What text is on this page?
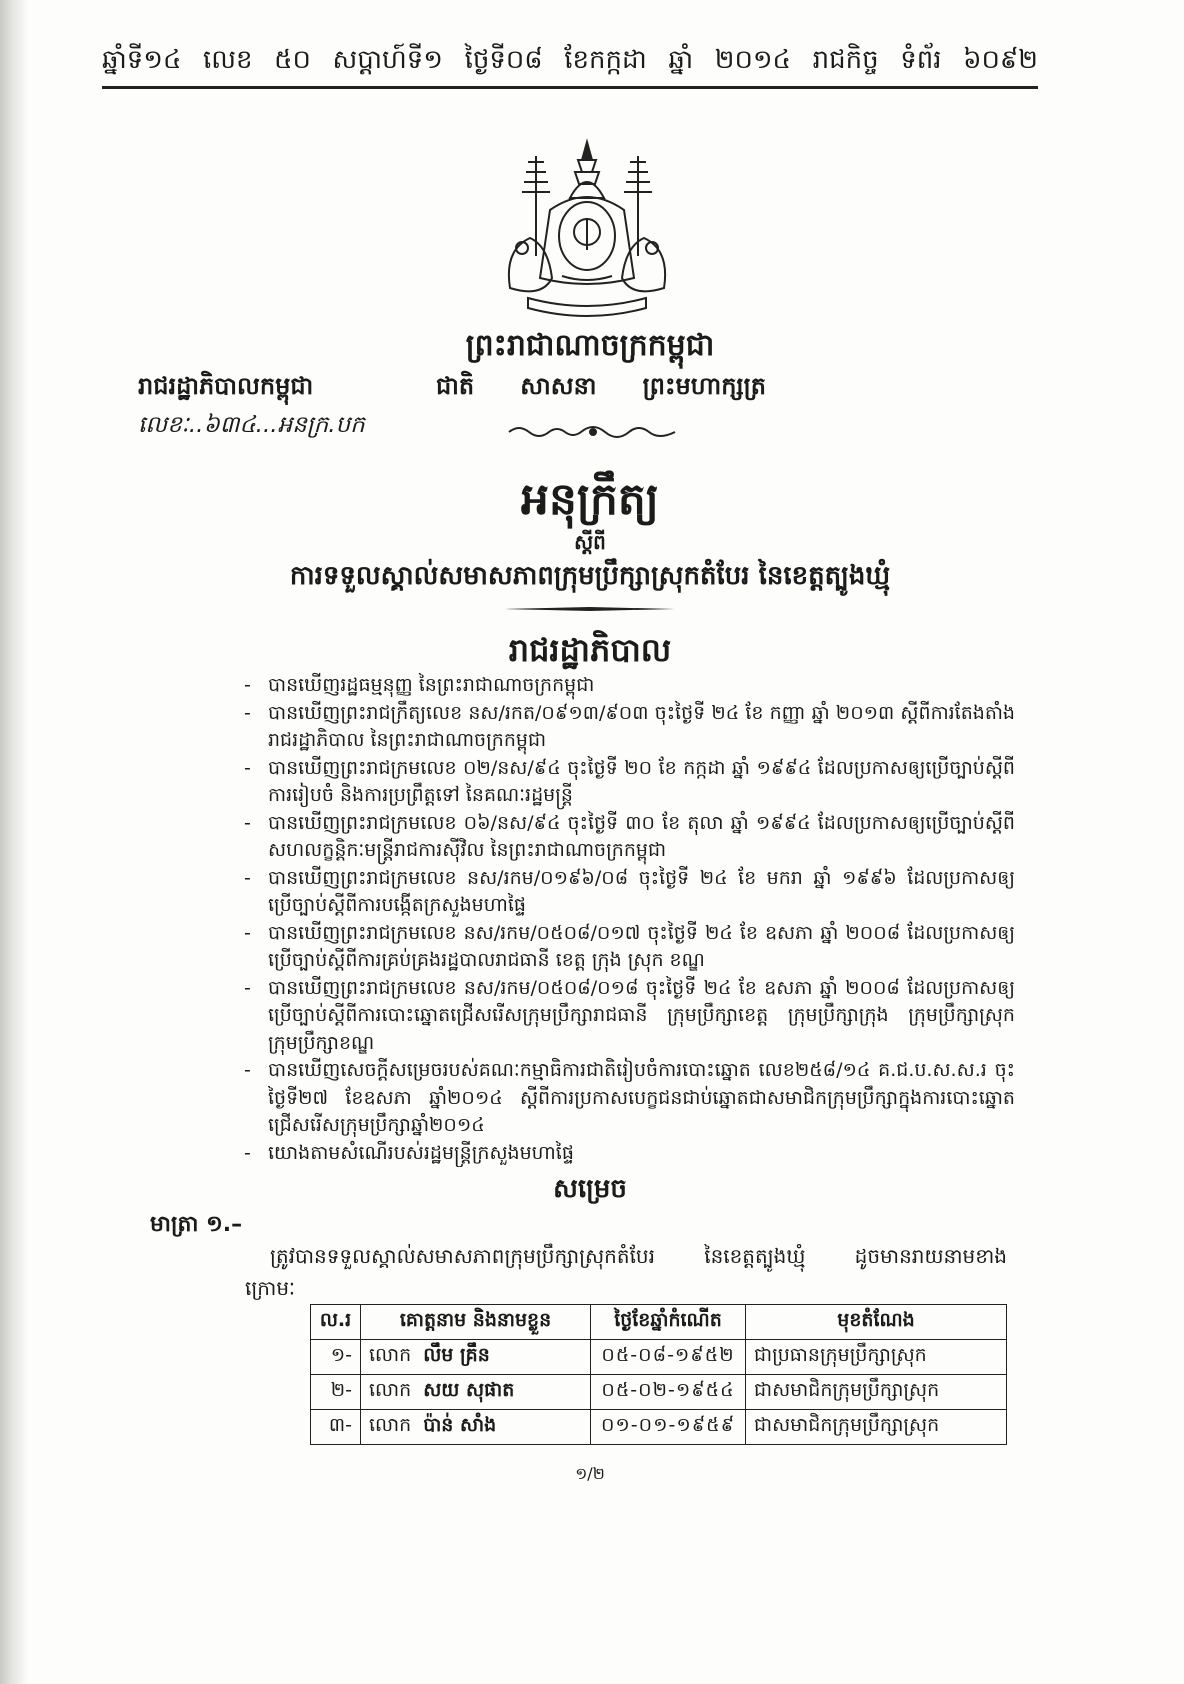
ឆ្នាំទី១៤ លេខ ៥០ សប្ដាហ៍ទី១ ថ្ងៃទី០៨ ខែកក្កដា ឆ្នាំ ២០១៤ រាជកិច្ច ទំព័រ ៦០៩២
ព្រះរាជាណាចក្រកម្ពុជា
រាជរដ្ឋាភិបាលកម្ពុជា	ជាតិ សាសនា ព្រះមហាក្សត្រ
លេខៈ..៦៣៤...អនក្រ.បក
អនុក្រឹត្យ
ស្ដីពី
ការទទួលស្គាល់សមាសភាពក្រុមប្រឹក្សាស្រុកតំបែរ នៃខេត្តត្បូងឃ្មុំ
រាជរដ្ឋាភិបាល
- បានឃើញរដ្ឋធម្មនុញ្ញ នៃព្រះរាជាណាចក្រកម្ពុជា
- បានឃើញព្រះរាជក្រឹត្យលេខ នស/រកត/០៩១៣/៩០៣ ចុះថ្ងៃទី ២៤ ខែ កញ្ញា ឆ្នាំ ២០១៣ ស្ដីពីការតែងតាំង
រាជរដ្ឋាភិបាល នៃព្រះរាជាណាចក្រកម្ពុជា
- បានឃើញព្រះរាជក្រមលេខ ០២/នស/៩៤ ចុះថ្ងៃទី ២០ ខែ កក្កដា ឆ្នាំ ១៩៩៤ ដែលប្រកាសឲ្យប្រើច្បាប់ស្ដីពី
ការរៀបចំ និងការប្រព្រឹត្តទៅ នៃគណៈរដ្ឋមន្ត្រី
- បានឃើញព្រះរាជក្រមលេខ ០៦/នស/៩៤ ចុះថ្ងៃទី ៣០ ខែ តុលា ឆ្នាំ ១៩៩៤ ដែលប្រកាសឲ្យប្រើច្បាប់ស្ដីពី
សហលក្ខន្តិកៈមន្ត្រីរាជការស៊ីវិល នៃព្រះរាជាណាចក្រកម្ពុជា
- បានឃើញព្រះរាជក្រមលេខ នស/រកម/០១៩៦/០៨ ចុះថ្ងៃទី ២៤ ខែ មករា ឆ្នាំ ១៩៩៦ ដែលប្រកាសឲ្យ
ប្រើច្បាប់ស្ដីពីការបង្កើតក្រសួងមហាផ្ទៃ
- បានឃើញព្រះរាជក្រមលេខ នស/រកម/០៥០៨/០១៧ ចុះថ្ងៃទី ២៤ ខែ ឧសភា ឆ្នាំ ២០០៨ ដែលប្រកាសឲ្យ
ប្រើច្បាប់ស្ដីពីការគ្រប់គ្រងរដ្ឋបាលរាជធានី ខេត្ត ក្រុង ស្រុក ខណ្ឌ
- បានឃើញព្រះរាជក្រមលេខ នស/រកម/០៥០៨/០១៨ ចុះថ្ងៃទី ២៤ ខែ ឧសភា ឆ្នាំ ២០០៨ ដែលប្រកាសឲ្យ
ប្រើច្បាប់ស្ដីពីការបោះឆ្នោតជ្រើសរើសក្រុមប្រឹក្សារាជធានី ក្រុមប្រឹក្សាខេត្ត ក្រុមប្រឹក្សាក្រុង ក្រុមប្រឹក្សាស្រុក
ក្រុមប្រឹក្សាខណ្ឌ
- បានឃើញសេចក្ដីសម្រេចរបស់គណៈកម្មាធិការជាតិរៀបចំការបោះឆ្នោត លេខ២៥៨/១៤ គ.ជ.ប.ស.ស.រ ចុះ
ថ្ងៃទី២៧ ខែឧសភា ឆ្នាំ២០១៤ ស្ដីពីការប្រកាសបេក្ខជនជាប់ឆ្នោតជាសមាជិកក្រុមប្រឹក្សាក្នុងការបោះឆ្នោត
ជ្រើសរើសក្រុមប្រឹក្សាឆ្នាំ២០១៤
- យោងតាមសំណើរបស់រដ្ឋមន្ត្រីក្រសួងមហាផ្ទៃ
សម្រេច
មាត្រា ១.–
ត្រូវបានទទួលស្គាល់សមាសភាពក្រុមប្រឹក្សាស្រុកតំបែរ នៃខេត្តត្បូងឃ្មុំ ដូចមានរាយនាមខាង
ក្រោមៈ
ល.រ	គោត្តនាម និងនាមខ្លួន	ថ្ងៃខែឆ្នាំកំណើត	មុខតំណែង
១-	លោក លឹម គ្រឹន	០៥-០៨-១៩៥២	ជាប្រធានក្រុមប្រឹក្សាស្រុក
២-	លោក សយ សុផាត	០៥-០២-១៩៥៤	ជាសមាជិកក្រុមប្រឹក្សាស្រុក
៣-	លោក ប៉ាន់ សាំង	០១-០១-១៩៥៩	ជាសមាជិកក្រុមប្រឹក្សាស្រុក
១/២
